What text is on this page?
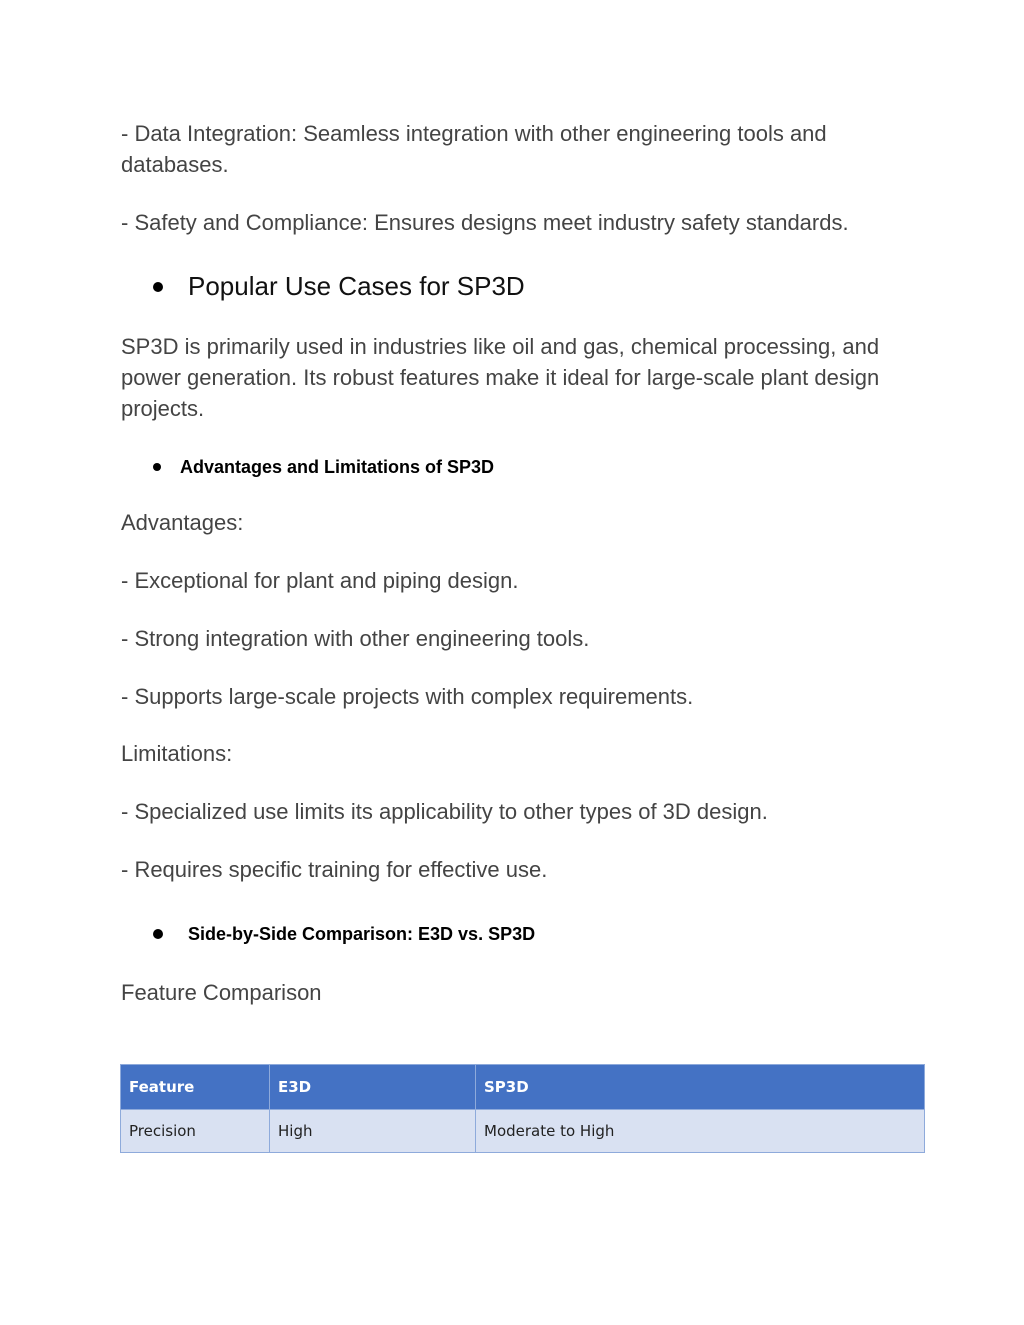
- Data Integration: Seamless integration with other engineering tools and databases.

- Safety and Compliance: Ensures designs meet industry safety standards.

Popular Use Cases for SP3D

SP3D is primarily used in industries like oil and gas, chemical processing, and power generation. Its robust features make it ideal for large-scale plant design projects.

Advantages and Limitations of SP3D

Advantages:

- Exceptional for plant and piping design.

- Strong integration with other engineering tools.

- Supports large-scale projects with complex requirements.

Limitations:

- Specialized use limits its applicability to other types of 3D design.

- Requires specific training for effective use.

Side-by-Side Comparison: E3D vs. SP3D

Feature Comparison

Feature	E3D	SP3D
Precision	High	Moderate to High
